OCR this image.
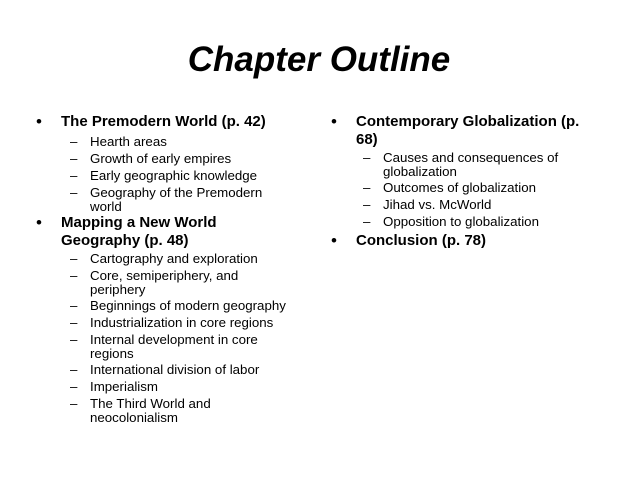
Chapter Outline
• The Premodern World (p. 42)
– Hearth areas
– Growth of early empires
– Early geographic knowledge
– Geography of the Premodern
world
• Mapping a New World
Geography (p. 48)
– Cartography and exploration
– Core, semiperiphery, and
periphery
– Beginnings of modern geography
– Industrialization in core regions
– Internal development in core
regions
– International division of labor
– Imperialism
– The Third World and
neocolonialism
• Contemporary Globalization (p.
68)
– Causes and consequences of
globalization
– Outcomes of globalization
– Jihad vs. McWorld
– Opposition to globalization
• Conclusion (p. 78)
